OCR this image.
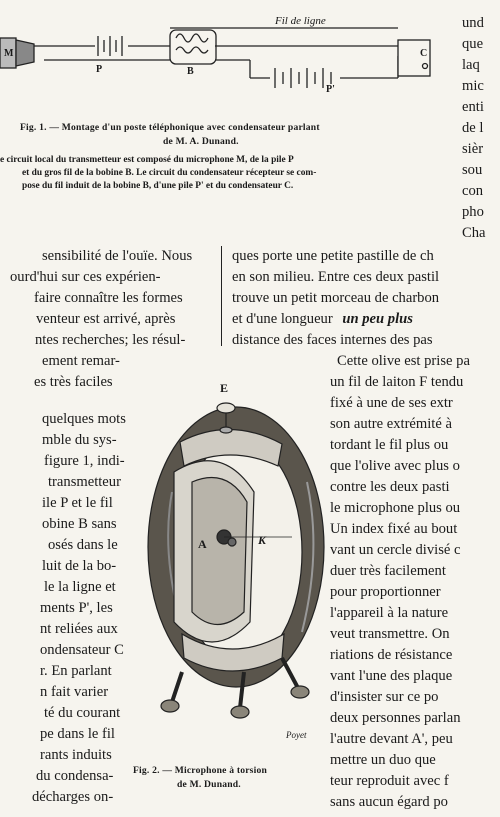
M
P	B
P'
C
Fil de ligne
Fig. 1. — Montage d'un poste téléphonique avec condensateur parlant
de M. A. Dunand.
e circuit local du transmetteur est composé du microphone M, de la pile P
et du gros fil de la bobine B. Le circuit du condensateur récepteur se com-
pose du fil induit de la bobine B, d'une pile P' et du condensateur C.
und
que
laq
mic
enti
de l
sièr
sou
con
pho
Cha
sensibilité de l'ouïe. Nous
ourd'hui sur ces expérien-
faire connaître les formes
venteur est arrivé, après
ntes recherches; les résul-
ement remar-
es très faciles
quelques mots
mble du sys-
figure 1, indi-
transmetteur
ile P et le fil
obine B sans
osés dans le
luit de la bo-
le la ligne et
ments P', les
nt reliées aux
ondensateur C
r. En parlant
n fait varier
té du courant
pe dans le fil
rants induits
du condensa-
décharges on-
ques porte une petite pastille de ch
en son milieu. Entre ces deux pastil
trouve un petit morceau de charbon
et d'une longueur un peu plus
distance des faces internes des pas
Cette olive est prise pa
un fil de laiton F tendu
fixé à une de ses extr
son autre extrémité à
tordant le fil plus ou
que l'olive avec plus o
contre les deux pasti
le microphone plus ou
Un index fixé au bout
vant un cercle divisé c
duer très facilement
pour proportionner
l'appareil à la nature
veut transmettre. On
riations de résistance
vant l'une des plaque
d'insister sur ce po
deux personnes parlan
l'autre devant A', peu
mettre un duo que
teur reproduit avec f
sans aucun égard po
E
K
A
Poyet
Fig. 2. — Microphone à torsion
de M. Dunand.
